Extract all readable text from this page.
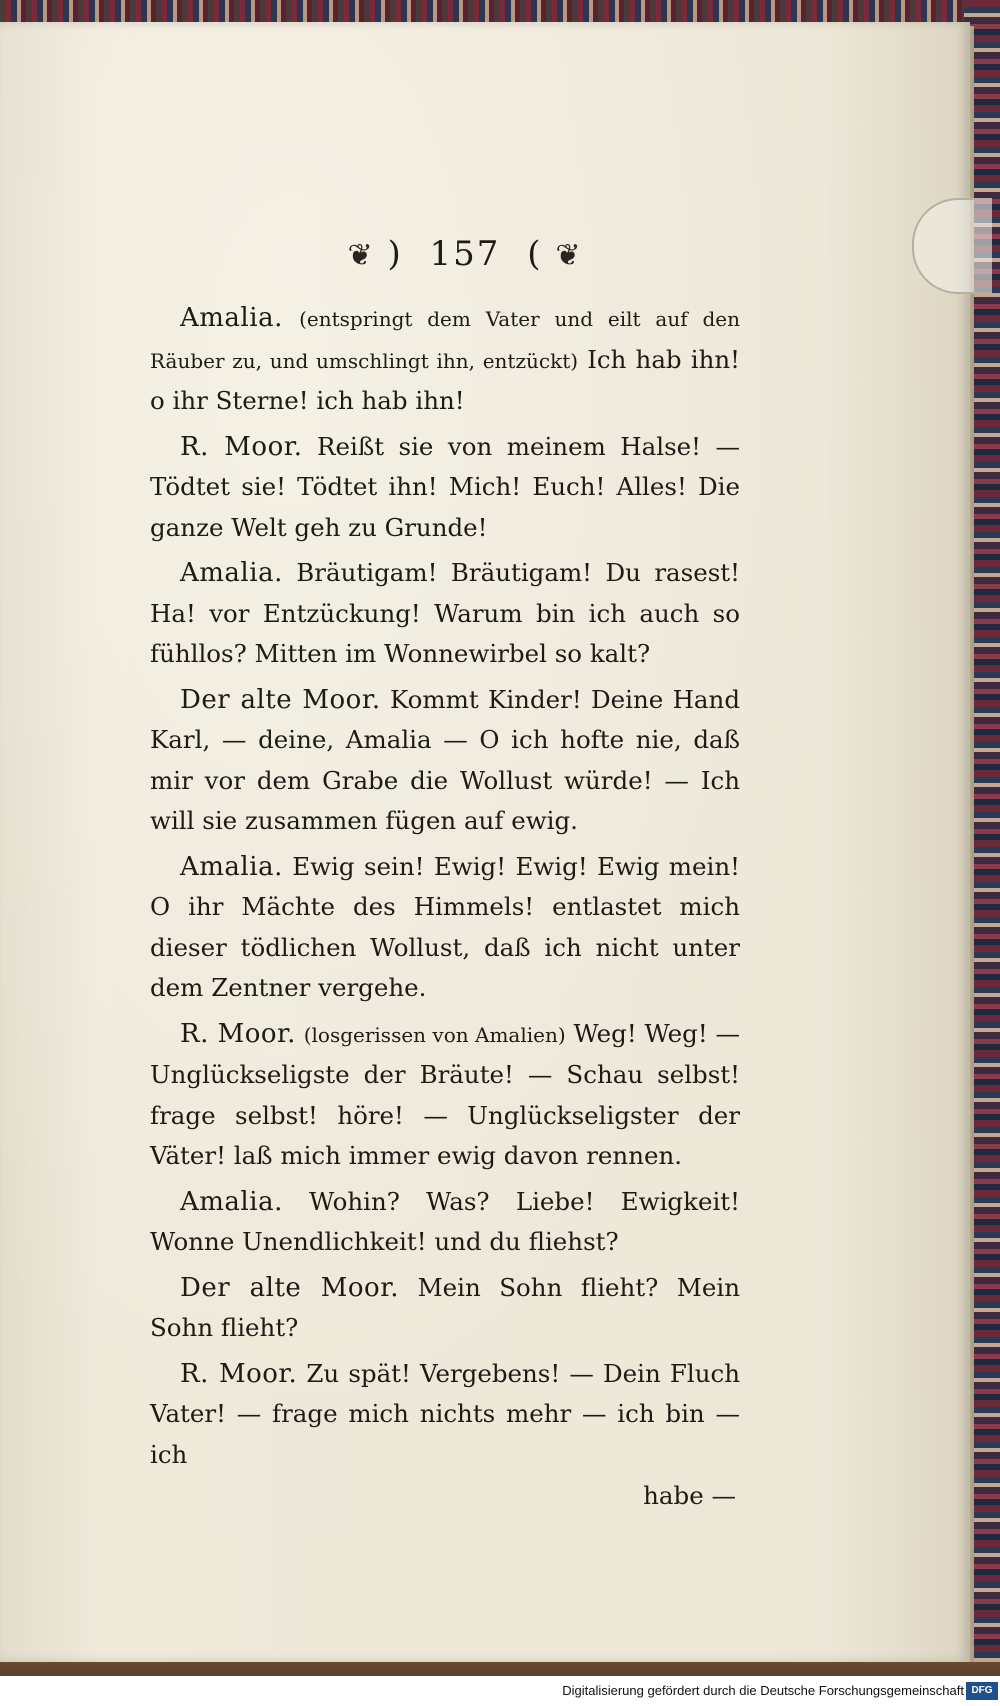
❦ ) 157 ( ❦
Amalia. (entspringt dem Vater und eilt auf den Räuber zu, und umschlingt ihn, entzückt) Ich hab ihn! o ihr Sterne! ich hab ihn!
R. Moor. Reißt sie von meinem Halse! — Tödtet sie! Tödtet ihn! Mich! Euch! Alles! Die ganze Welt geh zu Grunde!
Amalia. Bräutigam! Bräutigam! Du rasest! Ha! vor Entzückung! Warum bin ich auch so fühllos? Mitten im Wonnewirbel so kalt?
Der alte Moor. Kommt Kinder! Deine Hand Karl, — deine, Amalia — O ich hofte nie, daß mir vor dem Grabe die Wollust würde! — Ich will sie zusammen fügen auf ewig.
Amalia. Ewig sein! Ewig! Ewig! Ewig mein! O ihr Mächte des Himmels! entlastet mich dieser tödlichen Wollust, daß ich nicht unter dem Zentner vergehe.
R. Moor. (losgerissen von Amalien) Weg! Weg! — Unglückseligste der Bräute! — Schau selbst! frage selbst! höre! — Unglückseligster der Väter! laß mich immer ewig davon rennen.
Amalia. Wohin? Was? Liebe! Ewigkeit! Wonne Unendlichkeit! und du fliehst?
Der alte Moor. Mein Sohn flieht? Mein Sohn flieht?
R. Moor. Zu spät! Vergebens! — Dein Fluch Vater! — frage mich nichts mehr — ich bin — ich
habe —
Digitalisierung gefördert durch die Deutsche Forschungsgemeinschaft DFG
